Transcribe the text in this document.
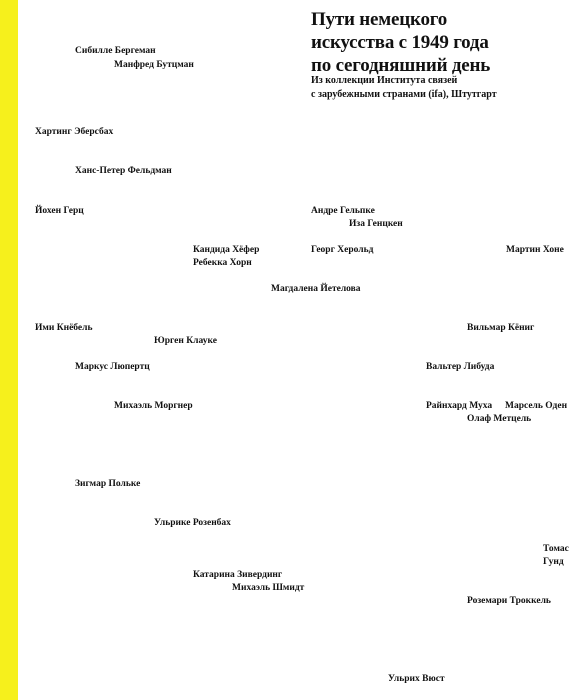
Пути немецкого
искусства с 1949 года
по сегодняшний день
Из коллекции Института связей
с зарубежными странами (ifa), Штутгарт
Сибилле Бергеман
Манфред Бутцман
Хартинг Эберсбах
Ханс-Петер Фельдман
Йохен Герц	Андре Гельпке
Иза Генцкен
Кандида Хёфер	Георг Херольд	Мартин Хоне
Ребекка Хорн
Магдалена Йетелова
Ими Кнёбель	Вильмар Кёниг
Юрген Клауке
Маркус Люпертц	Вальтер Либуда
Михаэль Моргнер	Райнхард Муха Марсель Оден
Олаф Метцель
Зигмар Польке
Ульрике Розенбах
Томас
Гунд
Катарина Зивердинг
Михаэль Шмидт
Роземари Троккель
Ульрих Вюст
